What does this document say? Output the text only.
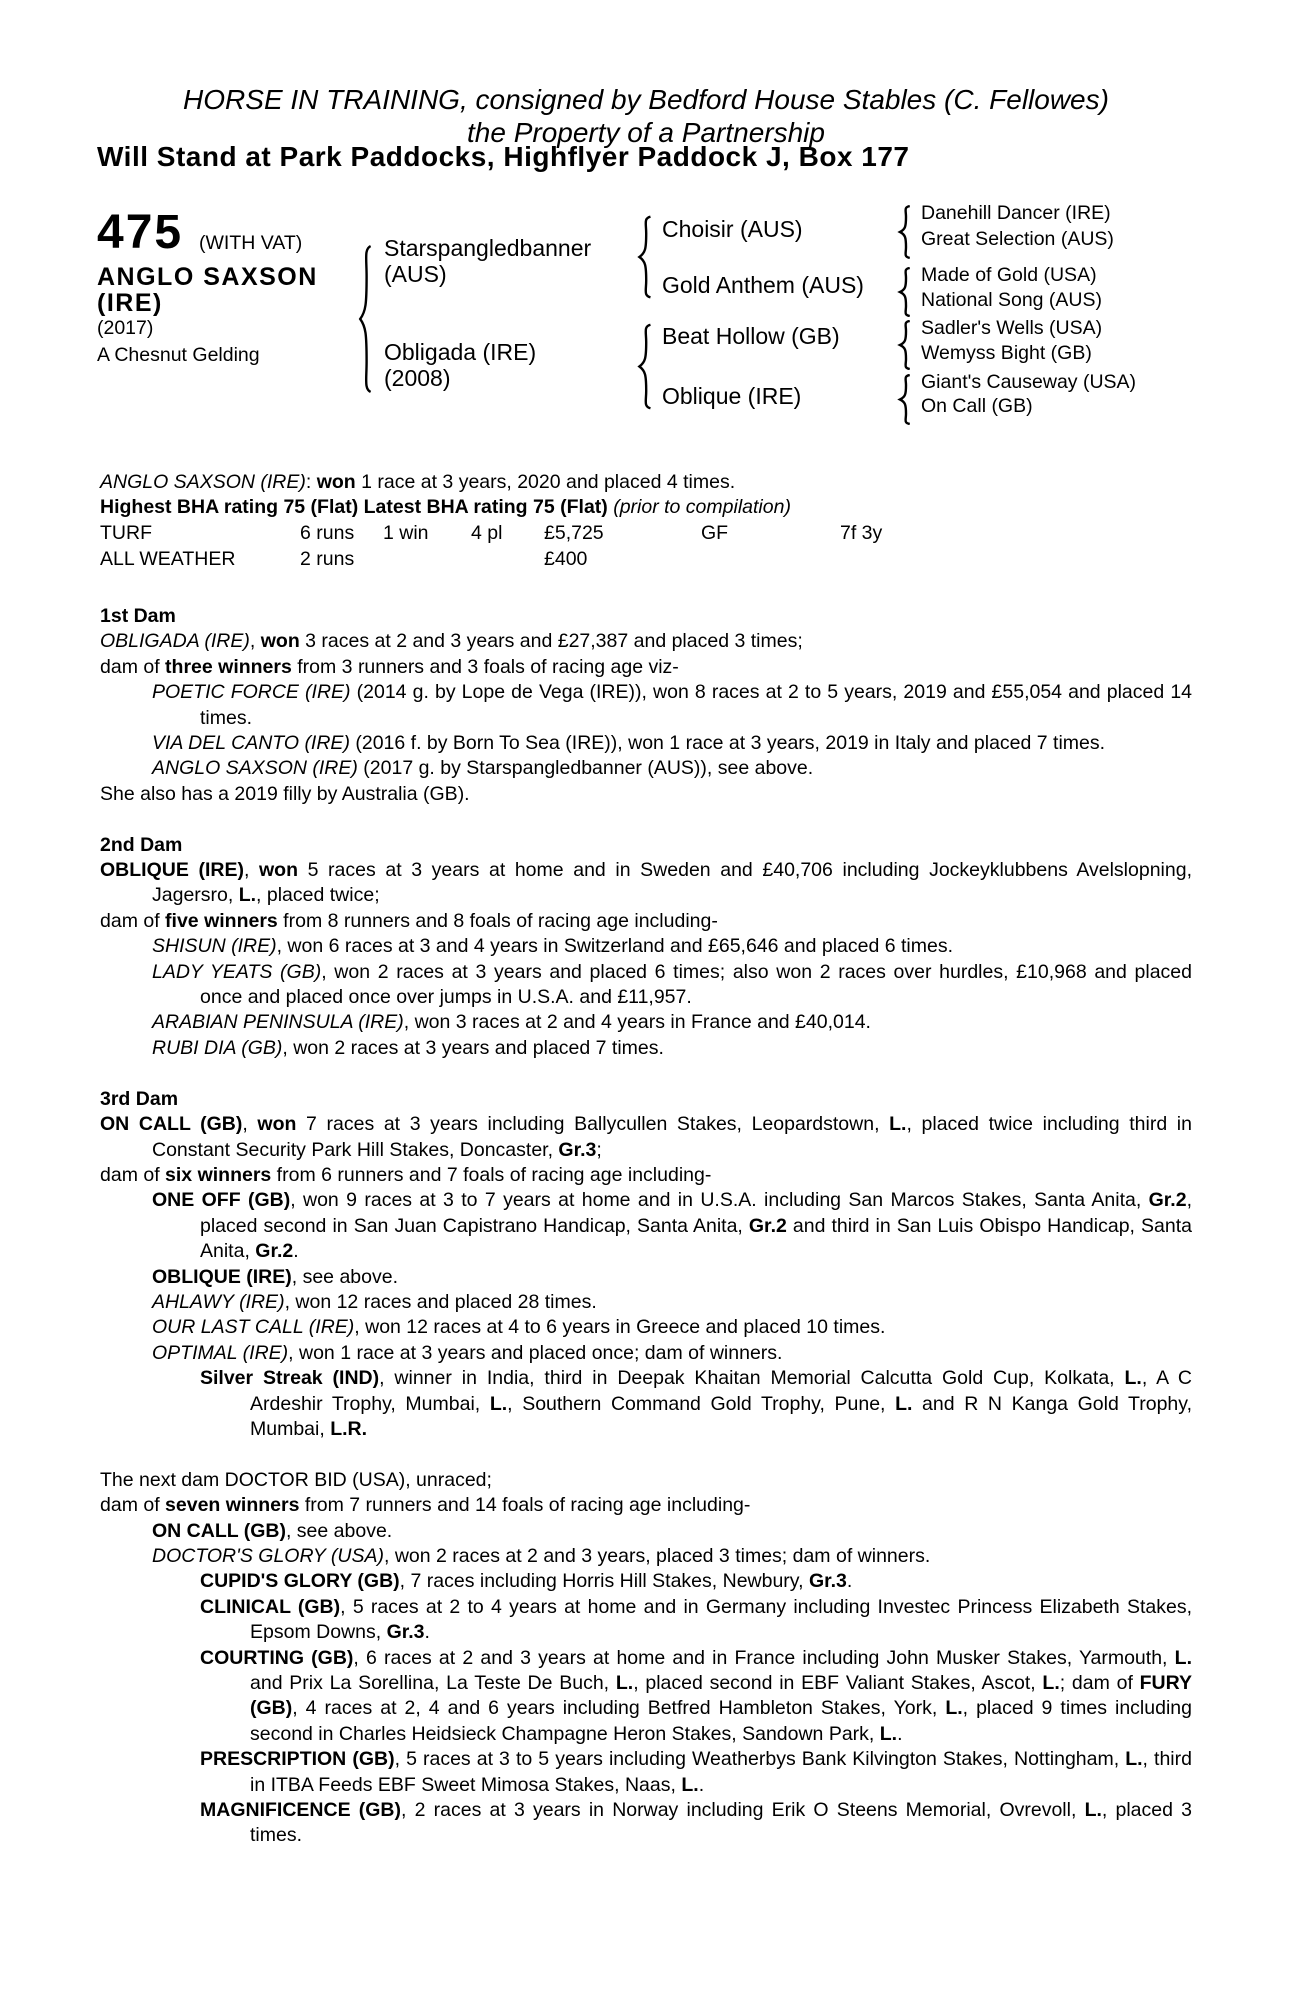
HORSE IN TRAINING, consigned by Bedford House Stables (C. Fellowes)
the Property of a Partnership
Will Stand at Park Paddocks, Highflyer Paddock J, Box 177
475 (WITH VAT)
ANGLO SAXSON
(IRE)
(2017)
A Chesnut Gelding
Starspangledbanner
(AUS)
Obligada (IRE)
(2008)
Choisir (AUS)
Gold Anthem (AUS)
Beat Hollow (GB)
Oblique (IRE)
Danehill Dancer (IRE)
Great Selection (AUS)
Made of Gold (USA)
National Song (AUS)
Sadler's Wells (USA)
Wemyss Bight (GB)
Giant's Causeway (USA)
On Call (GB)
ANGLO SAXSON (IRE): won 1 race at 3 years, 2020 and placed 4 times.
Highest BHA rating 75 (Flat) Latest BHA rating 75 (Flat) (prior to compilation)
TURF	6 runs 1 win 4 pl £5,725	GF	7f 3y
ALL WEATHER	2 runs	£400
1st Dam

OBLIGADA (IRE), won 3 races at 2 and 3 years and £27,387 and placed 3 times;

dam of three winners from 3 runners and 3 foals of racing age viz-

POETIC FORCE (IRE) (2014 g. by Lope de Vega (IRE)), won 8 races at 2 to 5 years, 2019 and £55,054 and placed 14 times.

VIA DEL CANTO (IRE) (2016 f. by Born To Sea (IRE)), won 1 race at 3 years, 2019 in Italy and placed 7 times.

ANGLO SAXSON (IRE) (2017 g. by Starspangledbanner (AUS)), see above.

She also has a 2019 filly by Australia (GB).

2nd Dam

OBLIQUE (IRE), won 5 races at 3 years at home and in Sweden and £40,706 including Jockeyklubbens Avelslopning, Jagersro, L., placed twice;

dam of five winners from 8 runners and 8 foals of racing age including-

SHISUN (IRE), won 6 races at 3 and 4 years in Switzerland and £65,646 and placed 6 times.

LADY YEATS (GB), won 2 races at 3 years and placed 6 times; also won 2 races over hurdles, £10,968 and placed once and placed once over jumps in U.S.A. and £11,957.

ARABIAN PENINSULA (IRE), won 3 races at 2 and 4 years in France and £40,014.

RUBI DIA (GB), won 2 races at 3 years and placed 7 times.

3rd Dam

ON CALL (GB), won 7 races at 3 years including Ballycullen Stakes, Leopardstown, L., placed twice including third in Constant Security Park Hill Stakes, Doncaster, Gr.3;

dam of six winners from 6 runners and 7 foals of racing age including-

ONE OFF (GB), won 9 races at 3 to 7 years at home and in U.S.A. including San Marcos Stakes, Santa Anita, Gr.2, placed second in San Juan Capistrano Handicap, Santa Anita, Gr.2 and third in San Luis Obispo Handicap, Santa Anita, Gr.2.

OBLIQUE (IRE), see above.

AHLAWY (IRE), won 12 races and placed 28 times.

OUR LAST CALL (IRE), won 12 races at 4 to 6 years in Greece and placed 10 times.

OPTIMAL (IRE), won 1 race at 3 years and placed once; dam of winners.

Silver Streak (IND), winner in India, third in Deepak Khaitan Memorial Calcutta Gold Cup, Kolkata, L., A C Ardeshir Trophy, Mumbai, L., Southern Command Gold Trophy, Pune, L. and R N Kanga Gold Trophy, Mumbai, L.R.

The next dam DOCTOR BID (USA), unraced;

dam of seven winners from 7 runners and 14 foals of racing age including-

ON CALL (GB), see above.

DOCTOR'S GLORY (USA), won 2 races at 2 and 3 years, placed 3 times; dam of winners.

CUPID'S GLORY (GB), 7 races including Horris Hill Stakes, Newbury, Gr.3.

CLINICAL (GB), 5 races at 2 to 4 years at home and in Germany including Investec Princess Elizabeth Stakes, Epsom Downs, Gr.3.

COURTING (GB), 6 races at 2 and 3 years at home and in France including John Musker Stakes, Yarmouth, L. and Prix La Sorellina, La Teste De Buch, L., placed second in EBF Valiant Stakes, Ascot, L.; dam of FURY (GB), 4 races at 2, 4 and 6 years including Betfred Hambleton Stakes, York, L., placed 9 times including second in Charles Heidsieck Champagne Heron Stakes, Sandown Park, L..

PRESCRIPTION (GB), 5 races at 3 to 5 years including Weatherbys Bank Kilvington Stakes, Nottingham, L., third in ITBA Feeds EBF Sweet Mimosa Stakes, Naas, L..

MAGNIFICENCE (GB), 2 races at 3 years in Norway including Erik O Steens Memorial, Ovrevoll, L., placed 3 times.
